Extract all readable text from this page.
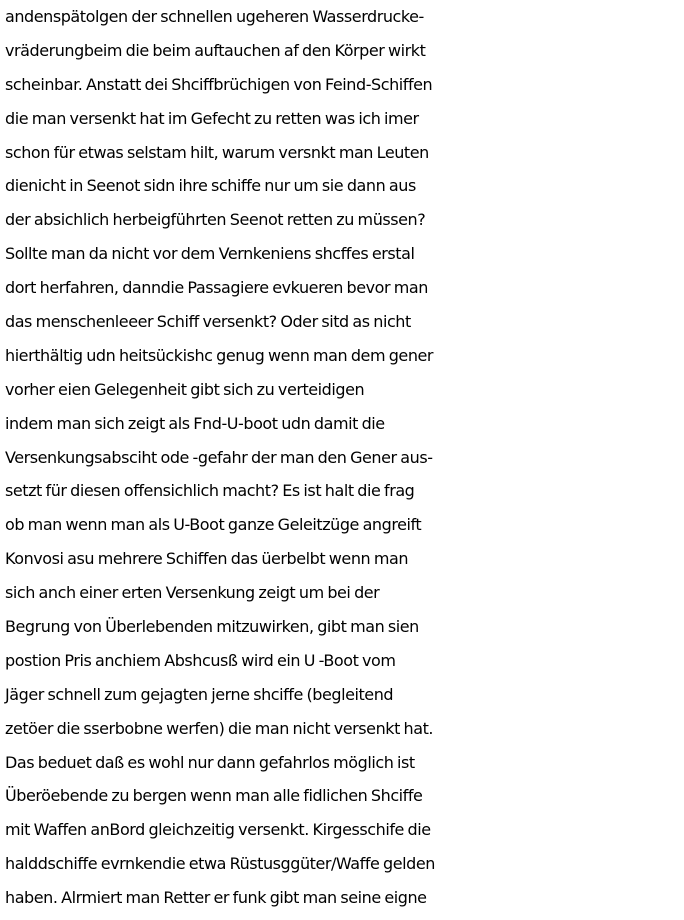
andenspätolgen der schnellen ugeheren Wasserdrucke-
vräderungbeim die beim auftauchen af den Körper wirkt
scheinbar. Anstatt dei Shciffbrüchigen von Feind-Schiffen
die man versenkt hat im Gefecht zu retten was ich imer
schon für etwas selstam hilt, warum versnkt man Leuten
dienicht in Seenot sidn ihre schiffe nur um sie dann aus
der absichlich herbeigführten Seenot retten zu müssen?
Sollte man da nicht vor dem Vernkeniens shcffes erstal
dort herfahren, danndie Passagiere evkueren bevor man
das menschenleeer Schiff versenkt? Oder sitd as nicht
hierthältig udn heitsückishc genug wenn man dem gener
vorher eien Gelegenheit gibt sich zu verteidigen
indem man sich zeigt als Fnd-U-boot udn damit die
Versenkungsabsciht ode -gefahr der man den Gener aus-
setzt für diesen offensichlich macht? Es ist halt die frag
ob man wenn man als U-Boot ganze Geleitzüge angreift
Konvosi asu mehrere Schiffen das üerbelbt wenn man
sich anch einer erten Versenkung zeigt um bei der
Begrung von Überlebenden mitzuwirken, gibt man sien
postion Pris anchiem Abshcusß wird ein U -Boot vom
Jäger schnell zum gejagten jerne shciffe (begleitend
zetöer die sserbobne werfen) die man nicht versenkt hat.
Das beduet daß es wohl nur dann gefahrlos möglich ist
Überöebende zu bergen wenn man alle fidlichen Shciffe
mit Waffen anBord gleichzeitig versenkt. Kirgesschife die
halddschiffe evrnkendie etwa Rüstusggüter/Waffe gelden
haben. Alrmiert man Retter er funk gibt man seine eigne
